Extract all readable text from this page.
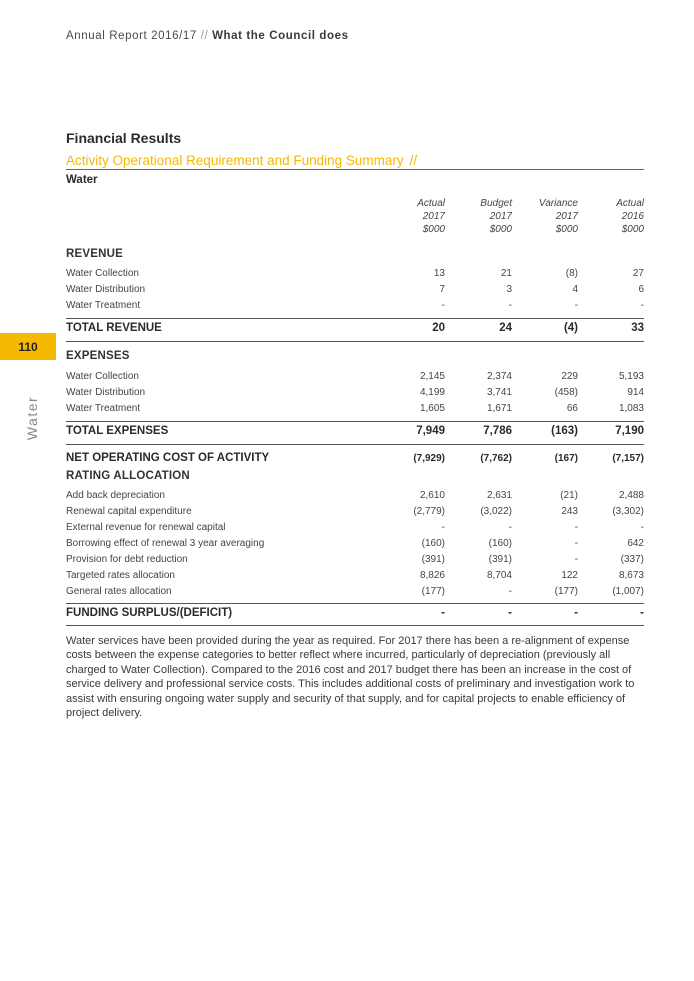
Annual Report 2016/17 // What the Council does
110
Water
Financial Results
Activity Operational Requirement and Funding Summary //
Water
Actual
2017
$000
Budget
2017
$000
Variance
2017
$000
Actual
2016
$000
REVENUE
Water Collection	13	21	(8)	27
Water Distribution	7	3	4	6
Water Treatment	-	-	-	-
TOTAL REVENUE	20	24	(4)	33
EXPENSES
Water Collection	2,145	2,374	229	5,193
Water Distribution	4,199	3,741	(458)	914
Water Treatment	1,605	1,671	66	1,083
TOTAL EXPENSES	7,949	7,786	(163)	7,190
NET OPERATING COST OF ACTIVITY	(7,929)	(7,762)	(167)	(7,157)
RATING ALLOCATION
Add back depreciation	2,610	2,631	(21)	2,488
Renewal capital expenditure	(2,779)	(3,022)	243	(3,302)
External revenue for renewal capital	-	-	-	-
Borrowing effect of renewal 3 year averaging	(160)	(160)	-	642
Provision for debt reduction	(391)	(391)	-	(337)
Targeted rates allocation	8,826	8,704	122	8,673
General rates allocation	(177)	-	(177)	(1,007)
FUNDING SURPLUS/(DEFICIT)	-	-	-	-
Water services have been provided during the year as required. For 2017 there has been a re-alignment of expense costs between the expense categories to better reflect where incurred, particularly of depreciation (previously all charged to Water Collection). Compared to the 2016 cost and 2017 budget there has been an increase in the cost of service delivery and professional service costs. This includes additional costs of preliminary and investigation work to assist with ensuring ongoing water supply and security of that supply, and for capital projects to enable efficiency of project delivery.
